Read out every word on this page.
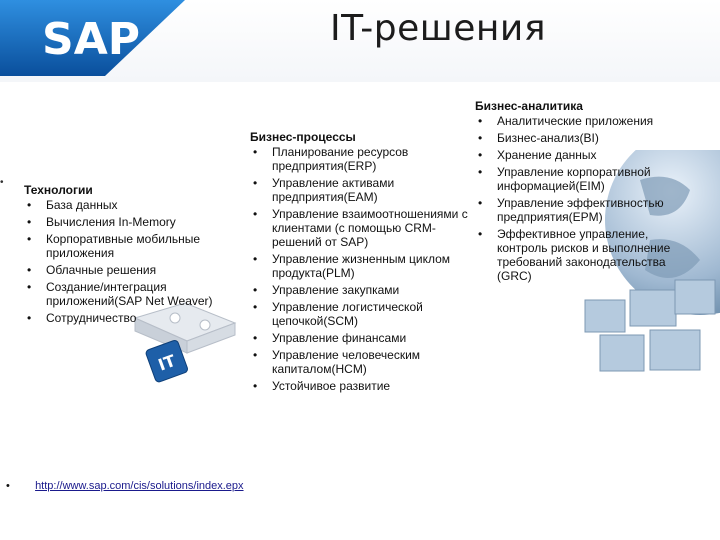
SAP	IT-решения
IT
•
Технологии
• База данных
• Вычисления In-Memory
• Корпоративные мобильные приложения
• Облачные решения
• Создание/интеграция приложений(SAP Net Weaver)
• Сотрудничество
Бизнес-процессы
• Планирование ресурсов предприятия(ERP)
• Управление активами предприятия(EAM)
• Управление взаимоотношениями с клиентами (с помощью CRM-решений от SAP)
• Управление жизненным циклом продукта(PLM)
• Управление закупками
• Управление логистической цепочкой(SCM)
• Управление финансами
• Управление человеческим капиталом(HCM)
• Устойчивое развитие
Бизнес-аналитика
• Аналитические приложения
• Бизнес-анализ(BI)
• Хранение данных
• Управление корпоративной информацией(EIM)
• Управление эффективностью предприятия(EPM)
• Эффективное управление, контроль рисков и выполнение требований законодательства (GRC)
• http://www.sap.com/cis/solutions/index.epx
